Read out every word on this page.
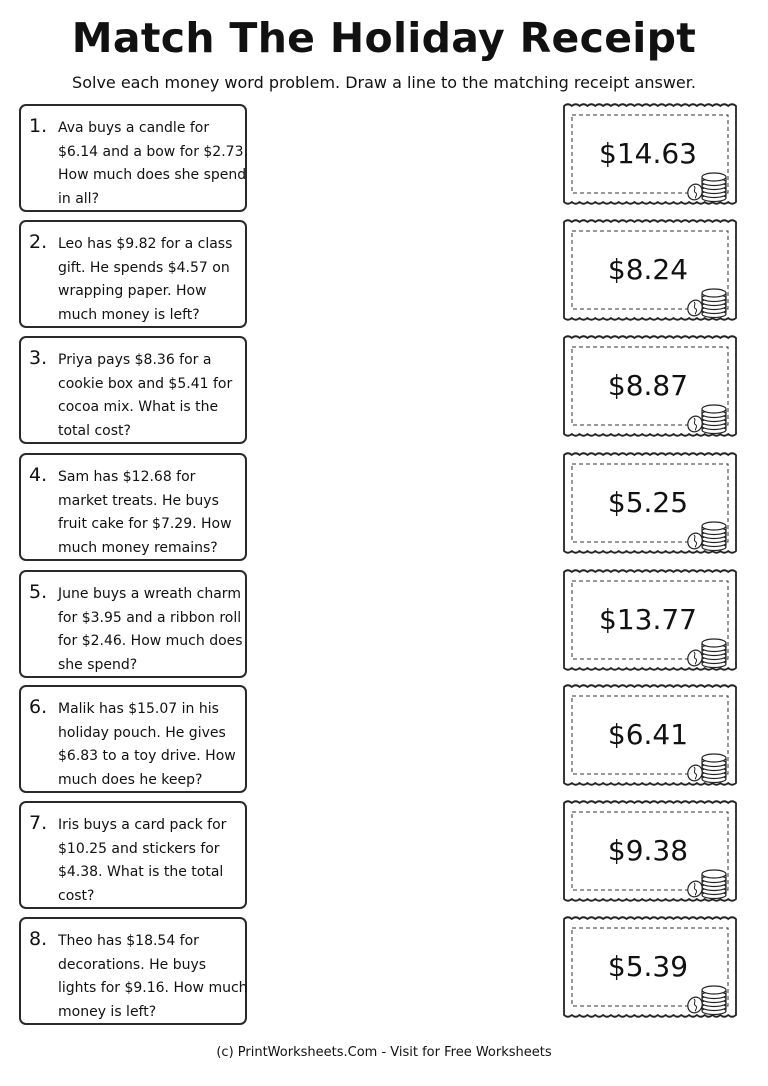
Match The Holiday Receipt
Solve each money word problem. Draw a line to the matching receipt answer.
1. Ava buys a candle for $6.14 and a bow for $2.73. How much does she spend in all?
2. Leo has $9.82 for a class gift. He spends $4.57 on wrapping paper. How much money is left?
3. Priya pays $8.36 for a cookie box and $5.41 for cocoa mix. What is the total cost?
4. Sam has $12.68 for market treats. He buys fruit cake for $7.29. How much money remains?
5. June buys a wreath charm for $3.95 and a ribbon roll for $2.46. How much does she spend?
6. Malik has $15.07 in his holiday pouch. He gives $6.83 to a toy drive. How much does he keep?
7. Iris buys a card pack for $10.25 and stickers for $4.38. What is the total cost?
8. Theo has $18.54 for decorations. He buys lights for $9.16. How much money is left?
$14.63
$8.24
$8.87
$5.25
$13.77
$6.41
$9.38
$5.39
(c) PrintWorksheets.Com - Visit for Free Worksheets
